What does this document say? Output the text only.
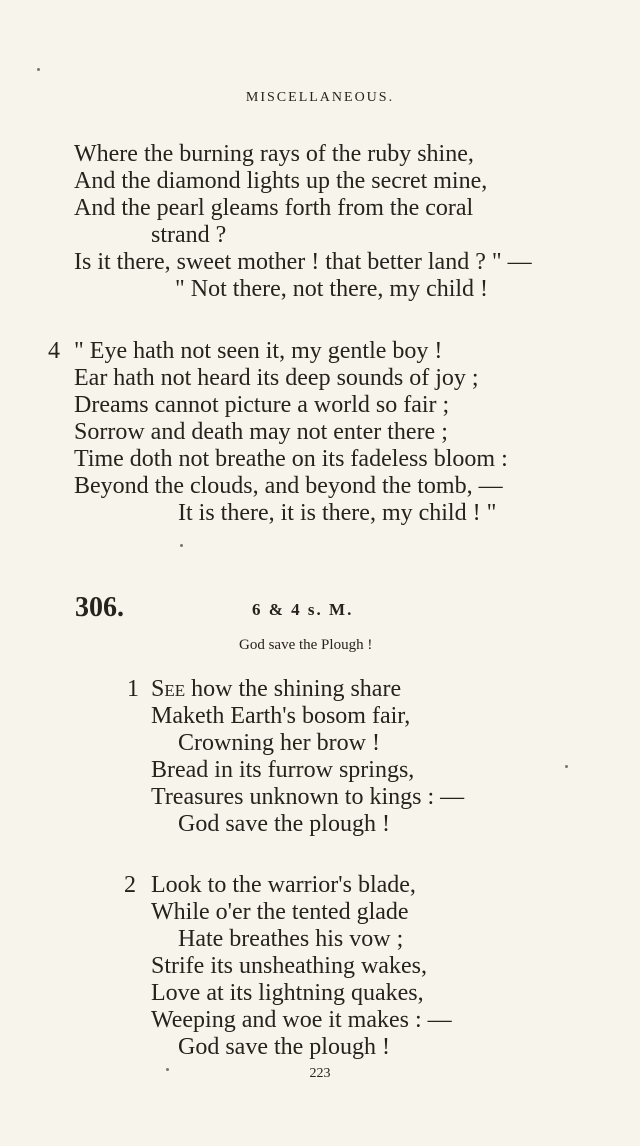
MISCELLANEOUS.
Where the burning rays of the ruby shine,
And the diamond lights up the secret mine,
And the pearl gleams forth from the coral
strand ?
Is it there, sweet mother ! that better land ? " —
" Not there, not there, my child !
4 " Eye hath not seen it, my gentle boy !
Ear hath not heard its deep sounds of joy ;
Dreams cannot picture a world so fair ;
Sorrow and death may not enter there ;
Time doth not breathe on its fadeless bloom :
Beyond the clouds, and beyond the tomb, —
It is there, it is there, my child ! "
306.	6 & 4 s. M.
God save the Plough !
1 See how the shining share
Maketh Earth's bosom fair,
Crowning her brow !
Bread in its furrow springs,
Treasures unknown to kings : —
God save the plough !
2 Look to the warrior's blade,
While o'er the tented glade
Hate breathes his vow ;
Strife its unsheathing wakes,
Love at its lightning quakes,
Weeping and woe it makes : —
God save the plough !
223
